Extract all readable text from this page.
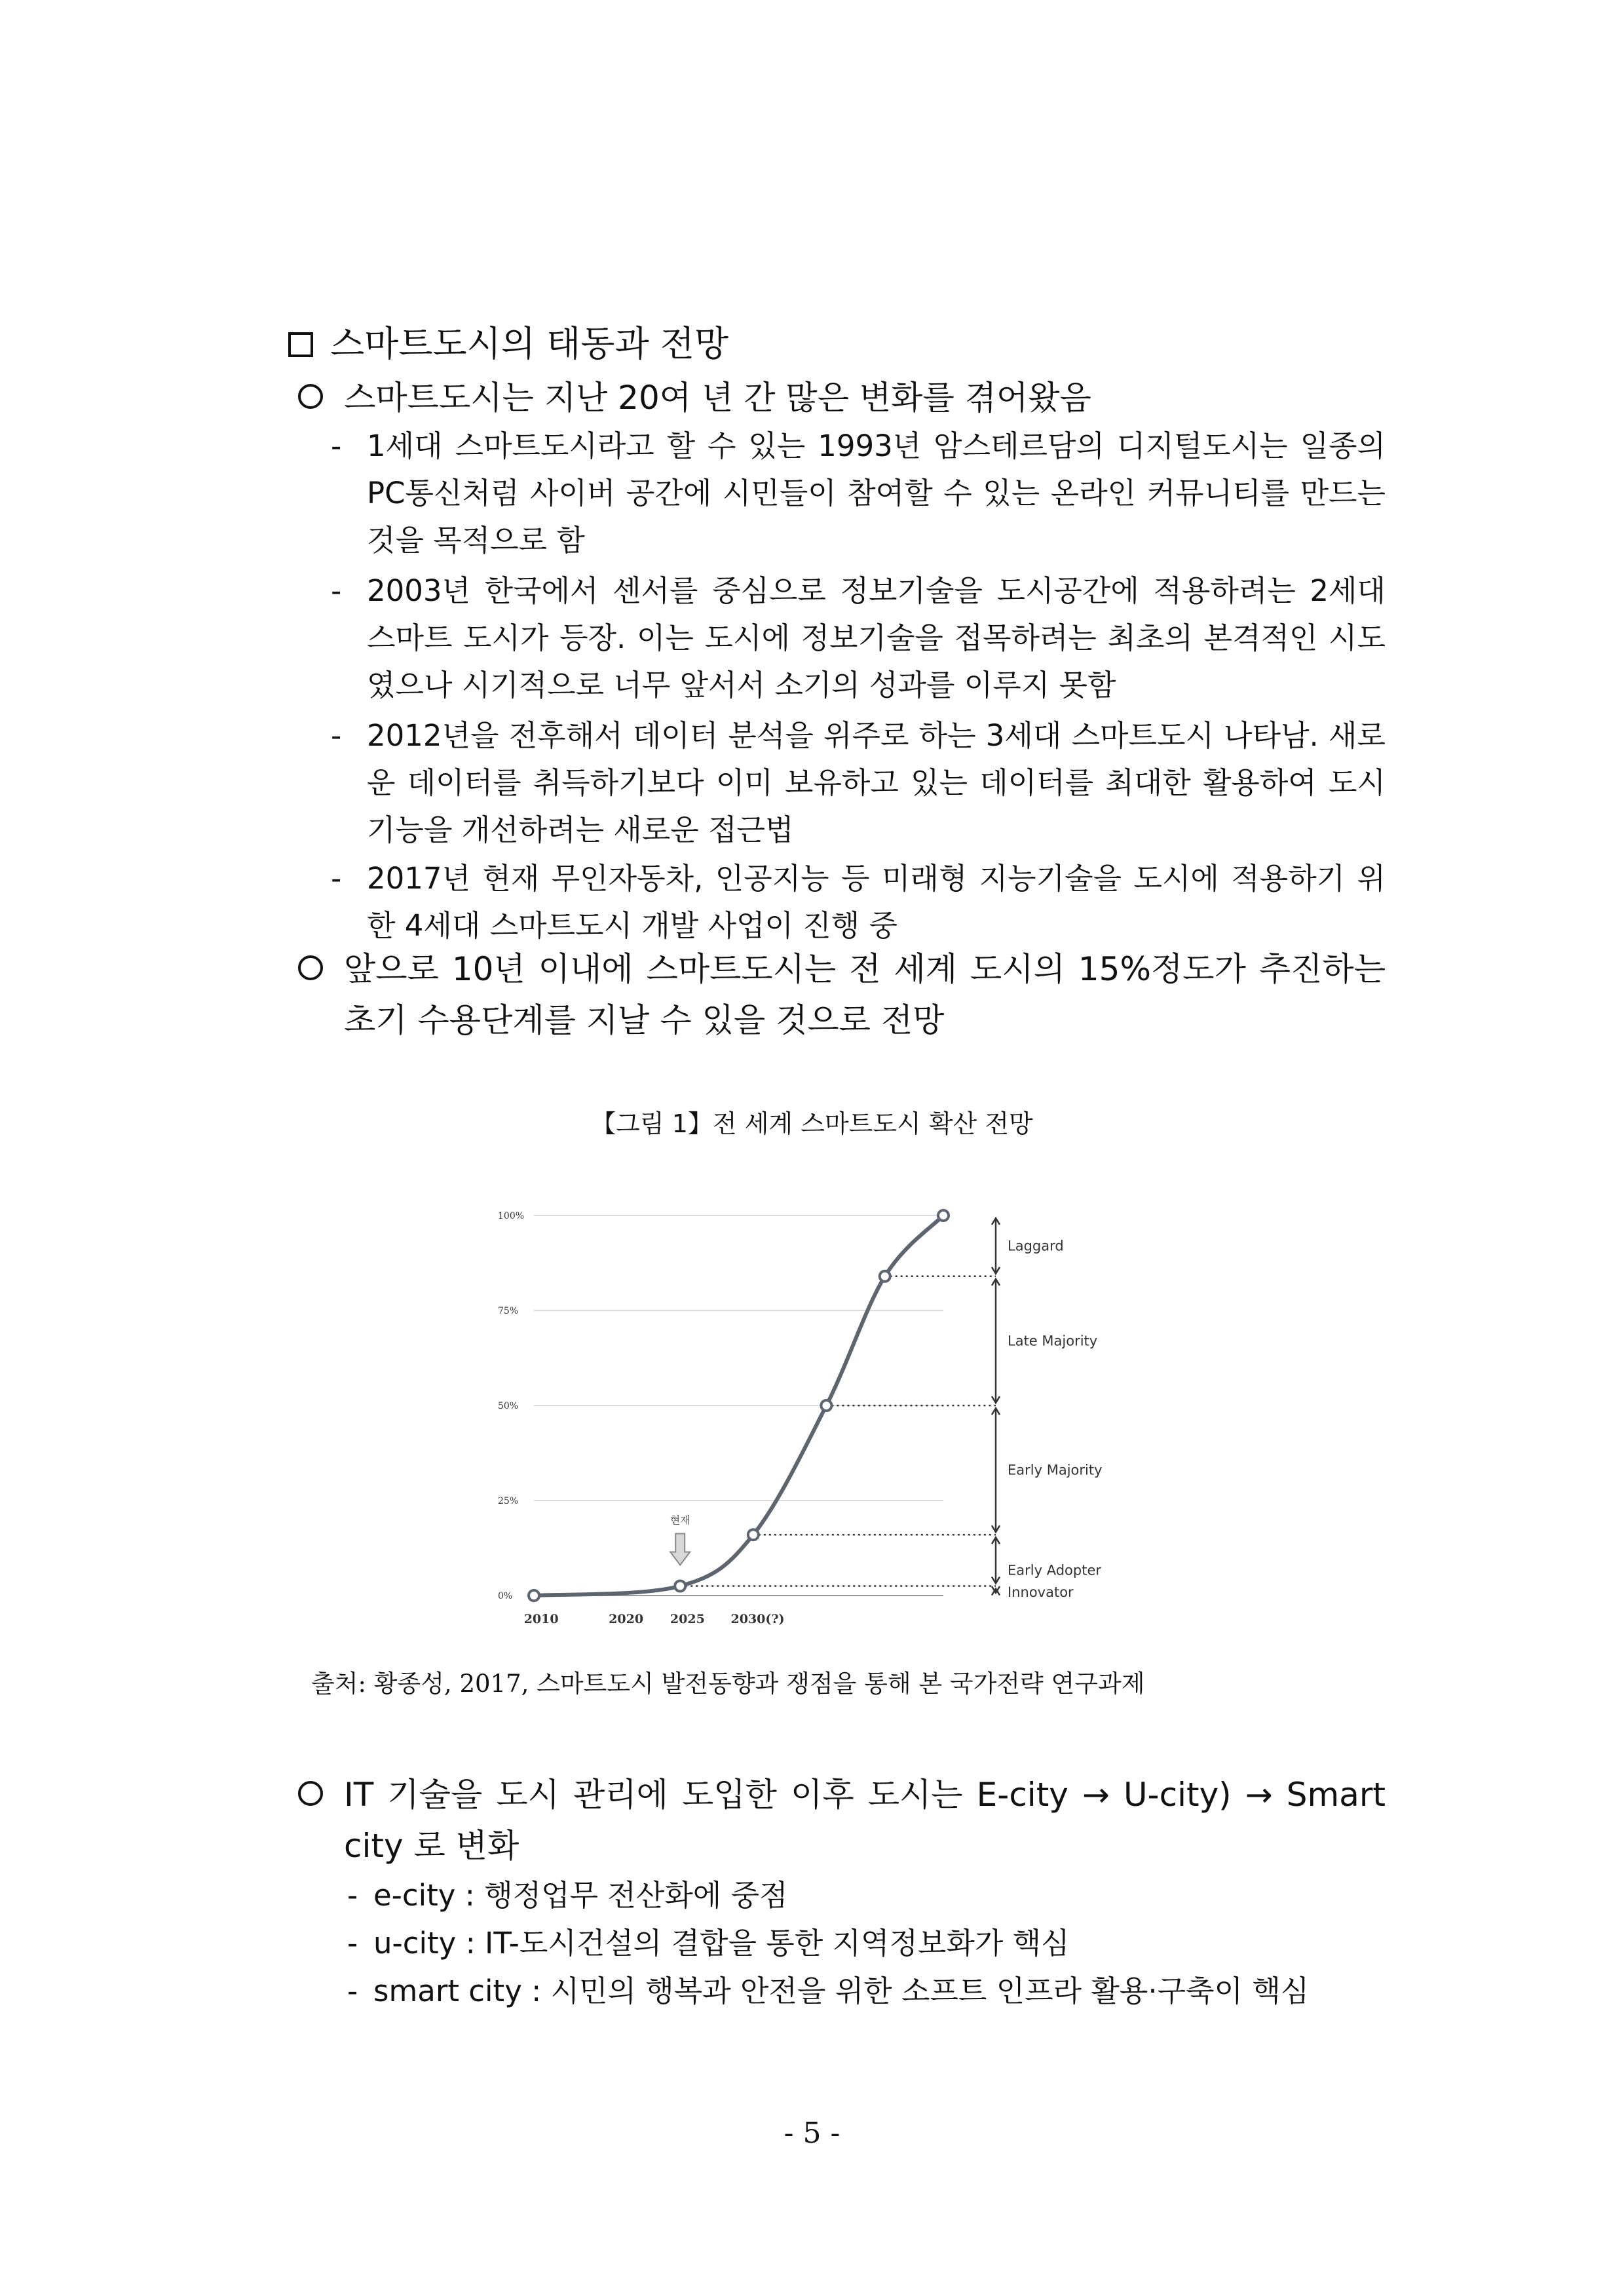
스마트도시의 태동과 전망
스마트도시는 지난 20여 년 간 많은 변화를 겪어왔음
- 1세대 스마트도시라고 할 수 있는 1993년 암스테르담의 디지털도시는 일종의 PC통신처럼 사이버 공간에 시민들이 참여할 수 있는 온라인 커뮤니티를 만드는 것을 목적으로 함
- 2003년 한국에서 센서를 중심으로 정보기술을 도시공간에 적용하려는 2세대 스마트 도시가 등장. 이는 도시에 정보기술을 접목하려는 최초의 본격적인 시도였으나 시기적으로 너무 앞서서 소기의 성과를 이루지 못함
- 2012년을 전후해서 데이터 분석을 위주로 하는 3세대 스마트도시 나타남. 새로운 데이터를 취득하기보다 이미 보유하고 있는 데이터를 최대한 활용하여 도시 기능을 개선하려는 새로운 접근법
- 2017년 현재 무인자동차, 인공지능 등 미래형 지능기술을 도시에 적용하기 위한 4세대 스마트도시 개발 사업이 진행 중
앞으로 10년 이내에 스마트도시는 전 세계 도시의 15%정도가 추진하는 초기 수용단계를 지날 수 있을 것으로 전망
【그림 1】전 세계 스마트도시 확산 전망
0%
25%
50%
75%
100%
2010	2020 2025 2030(?)
Innovator
Early Adopter
Early Majority
Late Majority
Laggard
현재
출처: 황종성, 2017, 스마트도시 발전동향과 쟁점을 통해 본 국가전략 연구과제
IT 기술을 도시 관리에 도입한 이후 도시는 E-city → U-city) → Smart city 로 변화
- e-city : 행정업무 전산화에 중점
- u-city : IT-도시건설의 결합을 통한 지역정보화가 핵심
- smart city : 시민의 행복과 안전을 위한 소프트 인프라 활용·구축이 핵심
- 5 -
